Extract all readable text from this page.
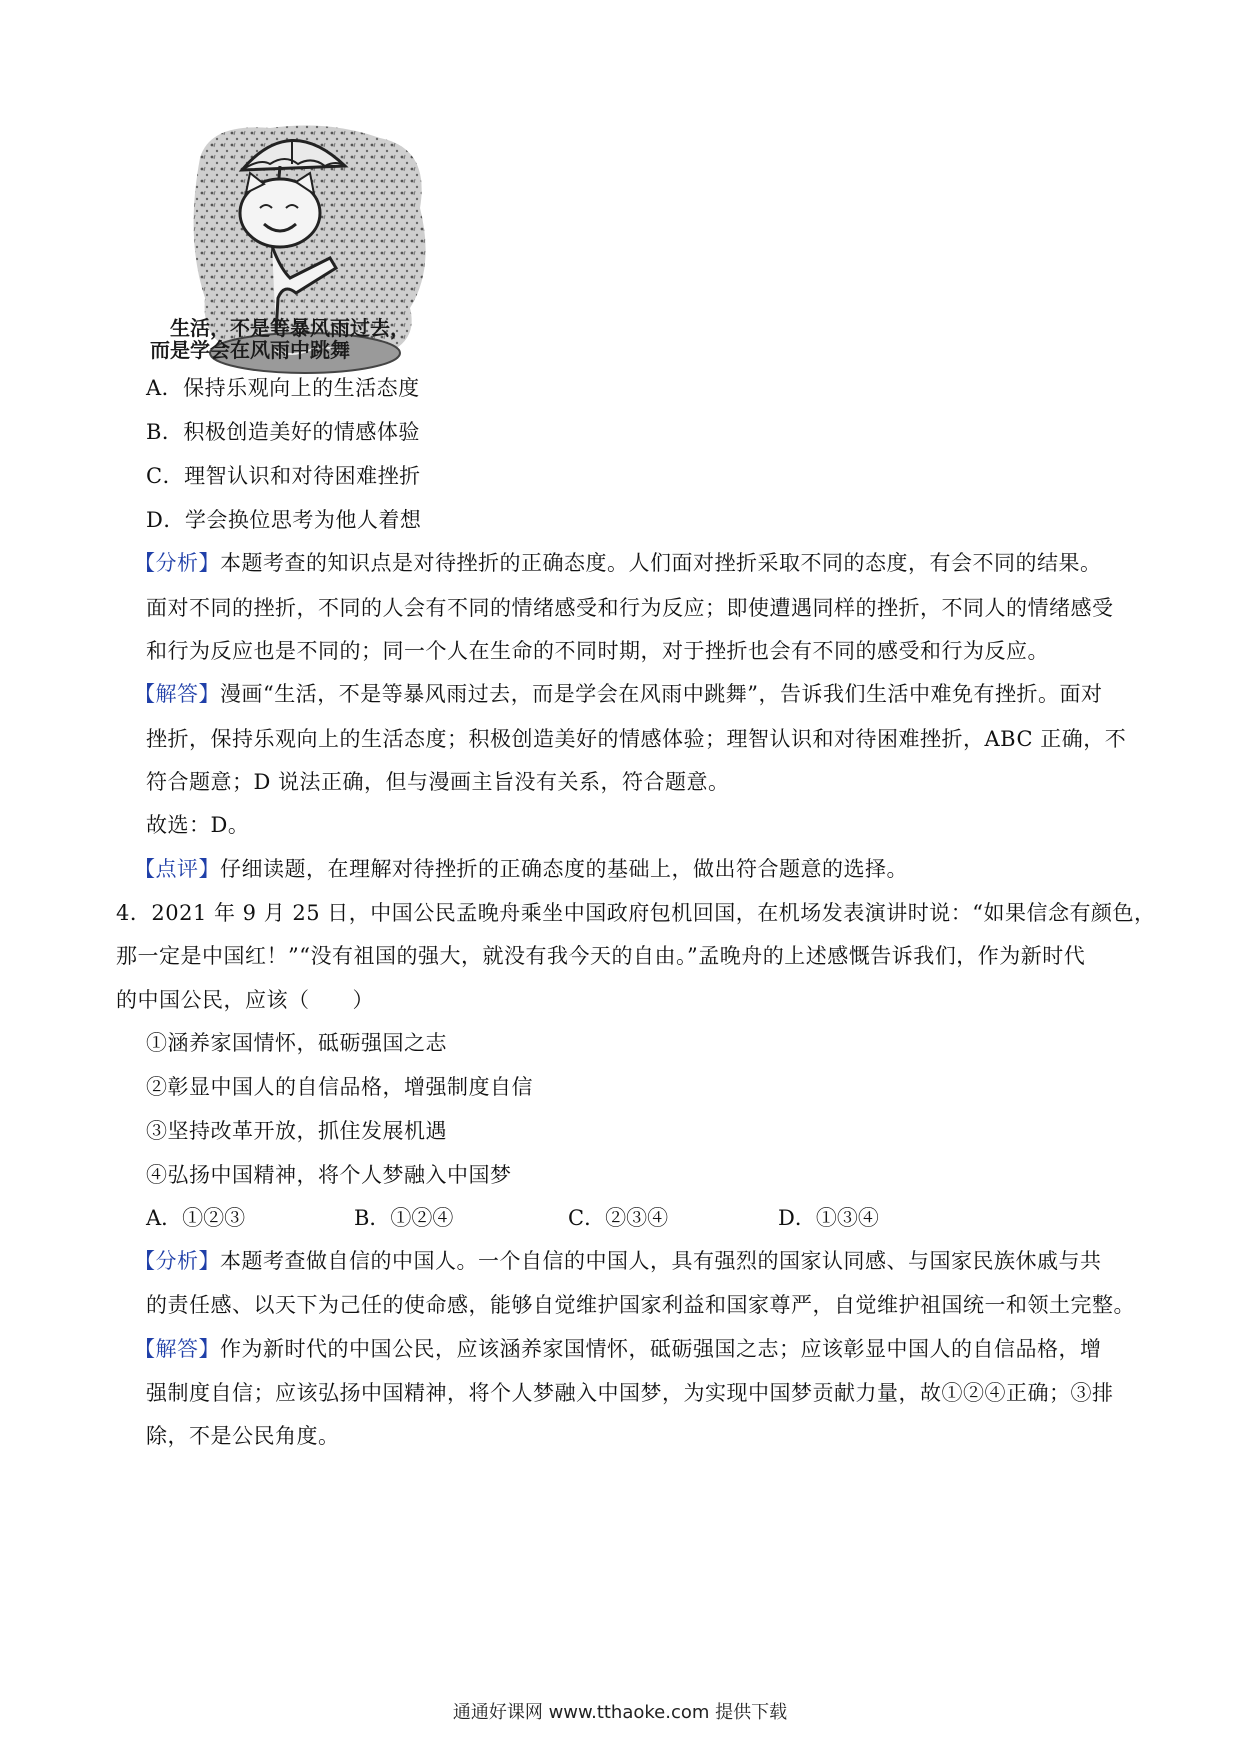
生活，不是等暴风雨过去，
而是学会在风雨中跳舞
A．保持乐观向上的生活态度
B．积极创造美好的情感体验
C．理智认识和对待困难挫折
D．学会换位思考为他人着想
【分析】本题考查的知识点是对待挫折的正确态度。人们面对挫折采取不同的态度，有会不同的结果。
面对不同的挫折，不同的人会有不同的情绪感受和行为反应；即使遭遇同样的挫折，不同人的情绪感受
和行为反应也是不同的；同一个人在生命的不同时期，对于挫折也会有不同的感受和行为反应。
【解答】漫画“生活，不是等暴风雨过去，而是学会在风雨中跳舞”，告诉我们生活中难免有挫折。面对
挫折，保持乐观向上的生活态度；积极创造美好的情感体验；理智认识和对待困难挫折，ABC 正确，不
符合题意；D 说法正确，但与漫画主旨没有关系，符合题意。
故选：D。
【点评】仔细读题，在理解对待挫折的正确态度的基础上，做出符合题意的选择。
4．2021 年 9 月 25 日，中国公民孟晚舟乘坐中国政府包机回国，在机场发表演讲时说：“如果信念有颜色，
那一定是中国红！”“没有祖国的强大，就没有我今天的自由。”孟晚舟的上述感慨告诉我们，作为新时代
的中国公民，应该（　　）
①涵养家国情怀，砥砺强国之志
②彰显中国人的自信品格，增强制度自信
③坚持改革开放，抓住发展机遇
④弘扬中国精神，将个人梦融入中国梦
A．①②③	B．①②④	C．②③④	D．①③④
【分析】本题考查做自信的中国人。一个自信的中国人，具有强烈的国家认同感、与国家民族休戚与共
的责任感、以天下为己任的使命感，能够自觉维护国家利益和国家尊严，自觉维护祖国统一和领土完整。
【解答】作为新时代的中国公民，应该涵养家国情怀，砥砺强国之志；应该彰显中国人的自信品格，增
强制度自信；应该弘扬中国精神，将个人梦融入中国梦，为实现中国梦贡献力量，故①②④正确；③排
除，不是公民角度。
通通好课网 www.tthaoke.com 提供下载
